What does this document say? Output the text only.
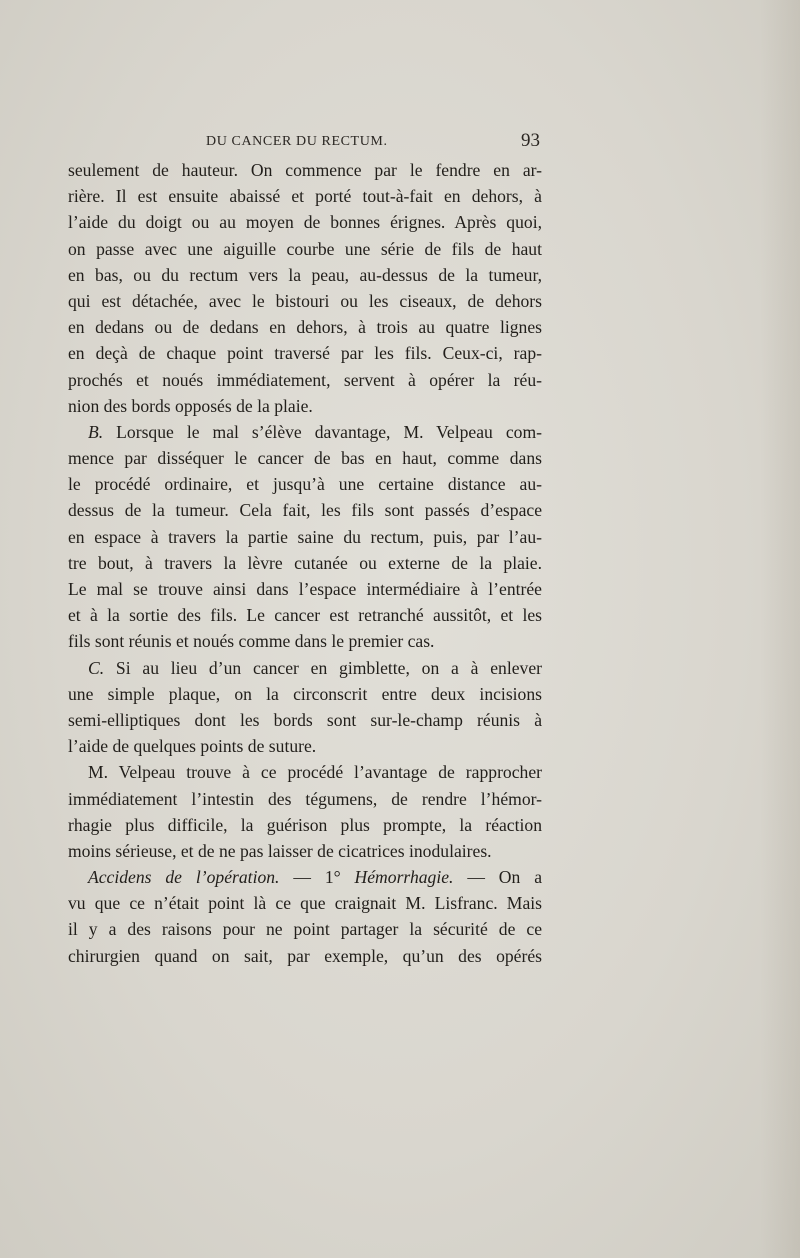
DU CANCER DU RECTUM.	93
seulement de hauteur. On commence par le fendre en ar-
rière. Il est ensuite abaissé et porté tout-à-fait en dehors, à
l’aide du doigt ou au moyen de bonnes érignes. Après quoi,
on passe avec une aiguille courbe une série de fils de haut
en bas, ou du rectum vers la peau, au-dessus de la tumeur,
qui est détachée, avec le bistouri ou les ciseaux, de dehors
en dedans ou de dedans en dehors, à trois au quatre lignes
en deçà de chaque point traversé par les fils. Ceux-ci, rap-
prochés et noués immédiatement, servent à opérer la réu-
nion des bords opposés de la plaie.
B. Lorsque le mal s’élève davantage, M. Velpeau com-
mence par disséquer le cancer de bas en haut, comme dans
le procédé ordinaire, et jusqu’à une certaine distance au-
dessus de la tumeur. Cela fait, les fils sont passés d’espace
en espace à travers la partie saine du rectum, puis, par l’au-
tre bout, à travers la lèvre cutanée ou externe de la plaie.
Le mal se trouve ainsi dans l’espace intermédiaire à l’entrée
et à la sortie des fils. Le cancer est retranché aussitôt, et les
fils sont réunis et noués comme dans le premier cas.
C. Si au lieu d’un cancer en gimblette, on a à enlever
une simple plaque, on la circonscrit entre deux incisions
semi-elliptiques dont les bords sont sur-le-champ réunis à
l’aide de quelques points de suture.
M. Velpeau trouve à ce procédé l’avantage de rapprocher
immédiatement l’intestin des tégumens, de rendre l’hémor-
rhagie plus difficile, la guérison plus prompte, la réaction
moins sérieuse, et de ne pas laisser de cicatrices inodulaires.
Accidens de l’opération. — 1° Hémorrhagie. — On a
vu que ce n’était point là ce que craignait M. Lisfranc. Mais
il y a des raisons pour ne point partager la sécurité de ce
chirurgien quand on sait, par exemple, qu’un des opérés
